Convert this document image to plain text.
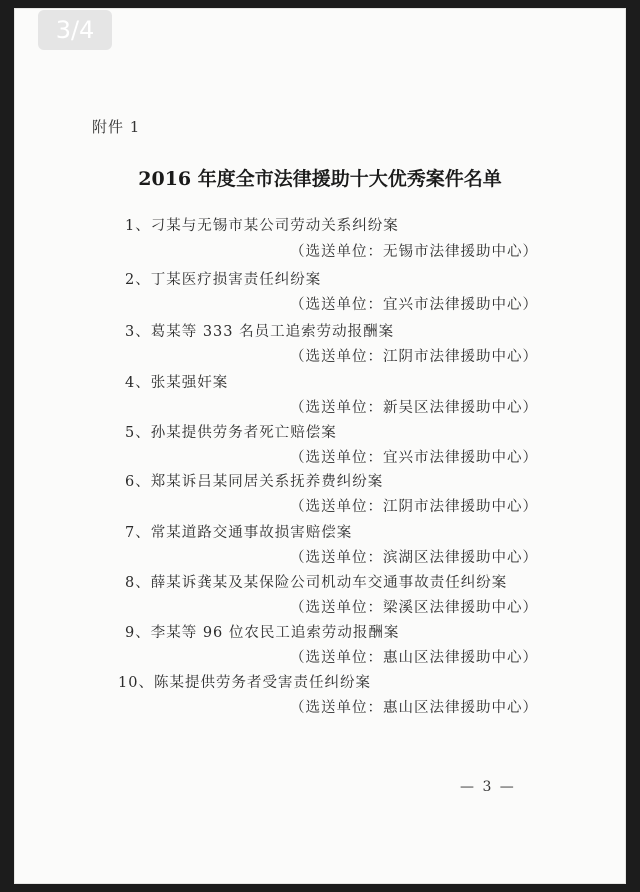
3/4
附件 1
2016 年度全市法律援助十大优秀案件名单
1、刁某与无锡市某公司劳动关系纠纷案
（选送单位：无锡市法律援助中心）
2、丁某医疗损害责任纠纷案
（选送单位：宜兴市法律援助中心）
3、葛某等 333 名员工追索劳动报酬案
（选送单位：江阴市法律援助中心）
4、张某强奸案
（选送单位：新吴区法律援助中心）
5、孙某提供劳务者死亡赔偿案
（选送单位：宜兴市法律援助中心）
6、郑某诉吕某同居关系抚养费纠纷案
（选送单位：江阴市法律援助中心）
7、常某道路交通事故损害赔偿案
（选送单位：滨湖区法律援助中心）
8、薛某诉龚某及某保险公司机动车交通事故责任纠纷案
（选送单位：梁溪区法律援助中心）
9、李某等 96 位农民工追索劳动报酬案
（选送单位：惠山区法律援助中心）
10、陈某提供劳务者受害责任纠纷案
（选送单位：惠山区法律援助中心）
— 3 —
